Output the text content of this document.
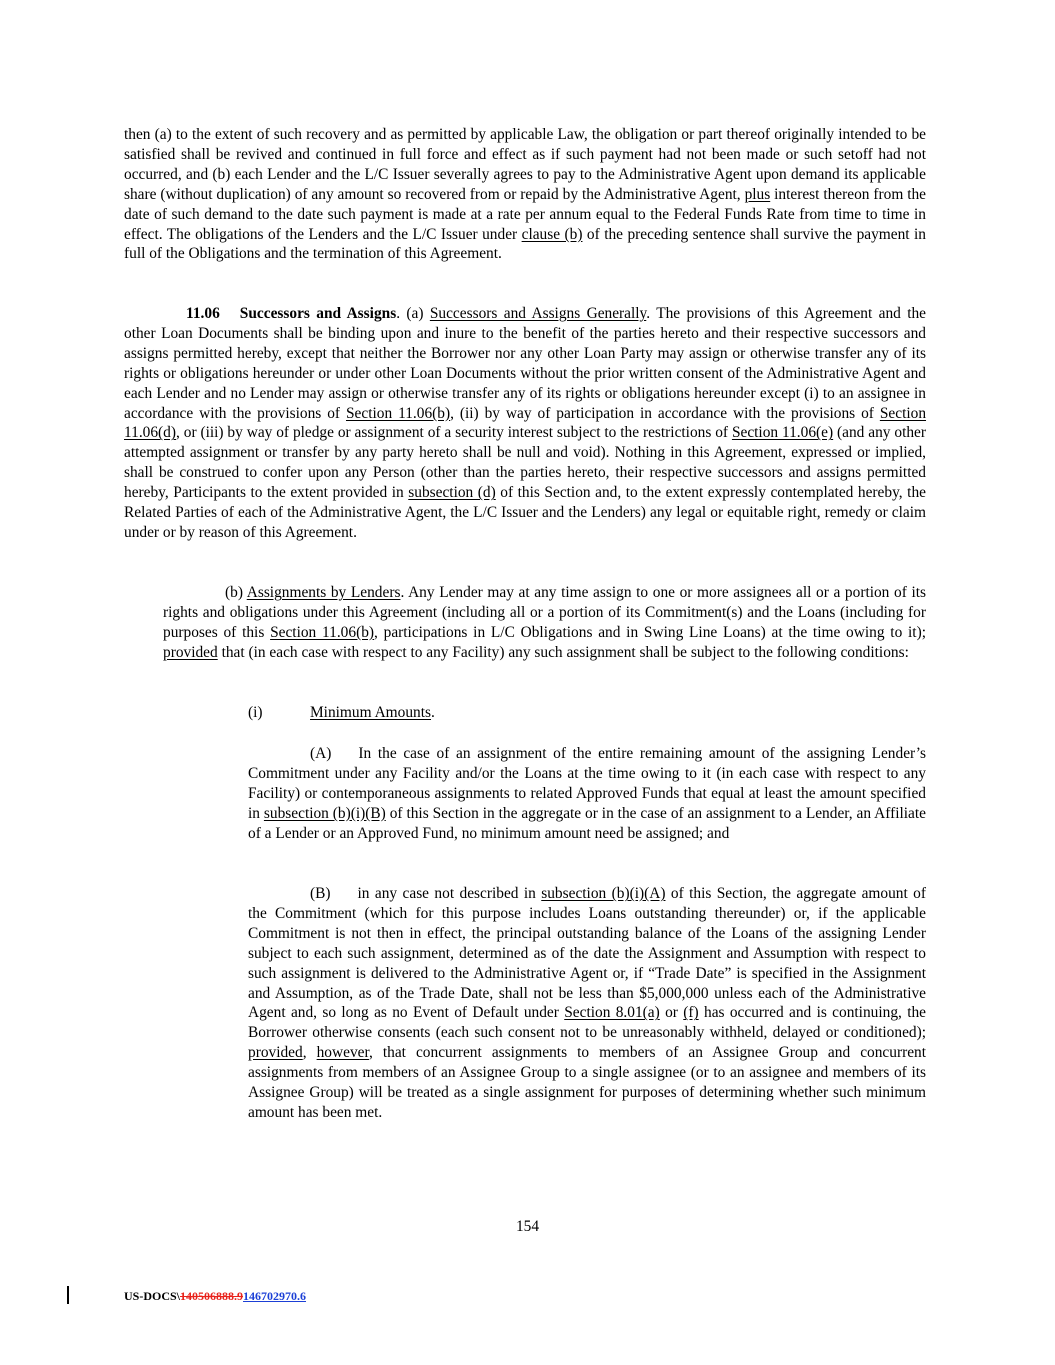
then (a) to the extent of such recovery and as permitted by applicable Law, the obligation or part thereof originally intended to be satisfied shall be revived and continued in full force and effect as if such payment had not been made or such setoff had not occurred, and (b) each Lender and the L/C Issuer severally agrees to pay to the Administrative Agent upon demand its applicable share (without duplication) of any amount so recovered from or repaid by the Administrative Agent, plus interest thereon from the date of such demand to the date such payment is made at a rate per annum equal to the Federal Funds Rate from time to time in effect. The obligations of the Lenders and the L/C Issuer under clause (b) of the preceding sentence shall survive the payment in full of the Obligations and the termination of this Agreement.

11.06 Successors and Assigns. (a) Successors and Assigns Generally. The provisions of this Agreement and the other Loan Documents shall be binding upon and inure to the benefit of the parties hereto and their respective successors and assigns permitted hereby, except that neither the Borrower nor any other Loan Party may assign or otherwise transfer any of its rights or obligations hereunder or under other Loan Documents without the prior written consent of the Administrative Agent and each Lender and no Lender may assign or otherwise transfer any of its rights or obligations hereunder except (i) to an assignee in accordance with the provisions of Section 11.06(b), (ii) by way of participation in accordance with the provisions of Section 11.06(d), or (iii) by way of pledge or assignment of a security interest subject to the restrictions of Section 11.06(e) (and any other attempted assignment or transfer by any party hereto shall be null and void). Nothing in this Agreement, expressed or implied, shall be construed to confer upon any Person (other than the parties hereto, their respective successors and assigns permitted hereby, Participants to the extent provided in subsection (d) of this Section and, to the extent expressly contemplated hereby, the Related Parties of each of the Administrative Agent, the L/C Issuer and the Lenders) any legal or equitable right, remedy or claim under or by reason of this Agreement.

(b) Assignments by Lenders. Any Lender may at any time assign to one or more assignees all or a portion of its rights and obligations under this Agreement (including all or a portion of its Commitment(s) and the Loans (including for purposes of this Section 11.06(b), participations in L/C Obligations and in Swing Line Loans) at the time owing to it); provided that (in each case with respect to any Facility) any such assignment shall be subject to the following conditions:

(i)	Minimum Amounts.

(A) In the case of an assignment of the entire remaining amount of the assigning Lender’s Commitment under any Facility and/or the Loans at the time owing to it (in each case with respect to any Facility) or contemporaneous assignments to related Approved Funds that equal at least the amount specified in subsection (b)(i)(B) of this Section in the aggregate or in the case of an assignment to a Lender, an Affiliate of a Lender or an Approved Fund, no minimum amount need be assigned; and

(B) in any case not described in subsection (b)(i)(A) of this Section, the aggregate amount of the Commitment (which for this purpose includes Loans outstanding thereunder) or, if the applicable Commitment is not then in effect, the principal outstanding balance of the Loans of the assigning Lender subject to each such assignment, determined as of the date the Assignment and Assumption with respect to such assignment is delivered to the Administrative Agent or, if “Trade Date” is specified in the Assignment and Assumption, as of the Trade Date, shall not be less than $5,000,000 unless each of the Administrative Agent and, so long as no Event of Default under Section 8.01(a) or (f) has occurred and is continuing, the Borrower otherwise consents (each such consent not to be unreasonably withheld, delayed or conditioned); provided, however, that concurrent assignments to members of an Assignee Group and concurrent assignments from members of an Assignee Group to a single assignee (or to an assignee and members of its Assignee Group) will be treated as a single assignment for purposes of determining whether such minimum amount has been met.

154
US-DOCS\140506888.9146702970.6
